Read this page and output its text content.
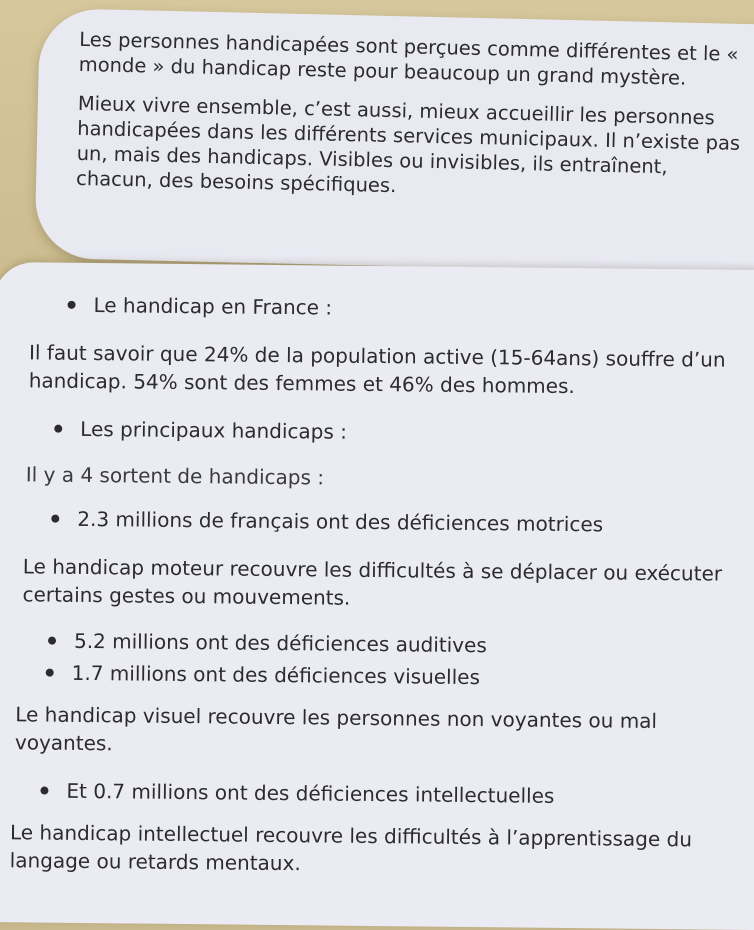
Les personnes handicapées sont perçues comme différentes et le « monde » du handicap reste pour beaucoup un grand mystère.

Mieux vivre ensemble, c’est aussi, mieux accueillir les personnes handicapées dans les différents services municipaux. Il n’existe pas un, mais des handicaps. Visibles ou invisibles, ils entraînent, chacun, des besoins spécifiques.

Le handicap en France :

Il faut savoir que 24% de la population active (15-64ans) souffre d’un handicap. 54% sont des femmes et 46% des hommes.

Les principaux handicaps :

Il y a 4 sortent de handicaps :

2.3 millions de français ont des déficiences motrices

Le handicap moteur recouvre les difficultés à se déplacer ou exécuter certains gestes ou mouvements.

5.2 millions ont des déficiences auditives
1.7 millions ont des déficiences visuelles

Le handicap visuel recouvre les personnes non voyantes ou mal voyantes.

Et 0.7 millions ont des déficiences intellectuelles

Le handicap intellectuel recouvre les difficultés à l’apprentissage du langage ou retards mentaux.
